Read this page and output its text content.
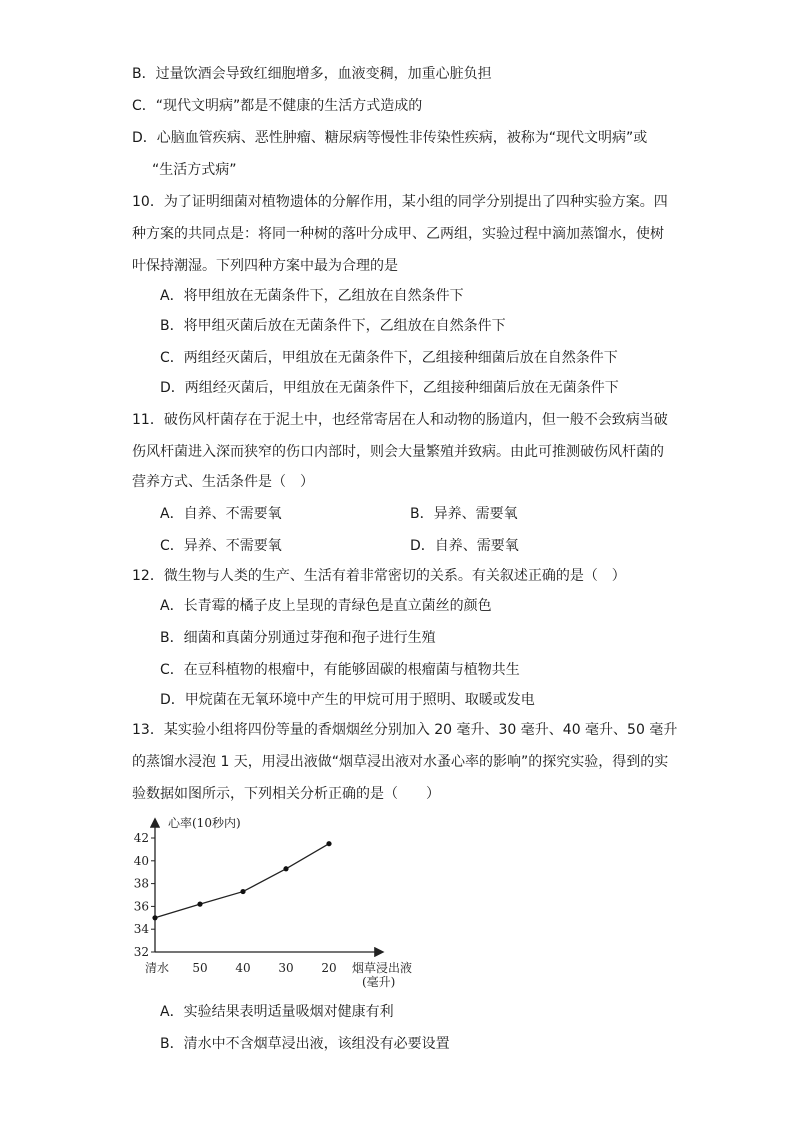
B．过量饮酒会导致红细胞增多，血液变稠，加重心脏负担
C．“现代文明病”都是不健康的生活方式造成的
D．心脑血管疾病、恶性肿瘤、糖尿病等慢性非传染性疾病，被称为“现代文明病”或
“生活方式病”
10．为了证明细菌对植物遗体的分解作用，某小组的同学分别提出了四种实验方案。四
种方案的共同点是：将同一种树的落叶分成甲、乙两组，实验过程中滴加蒸馏水，使树
叶保持潮湿。下列四种方案中最为合理的是
A．将甲组放在无菌条件下，乙组放在自然条件下
B．将甲组灭菌后放在无菌条件下，乙组放在自然条件下
C．两组经灭菌后，甲组放在无菌条件下，乙组接种细菌后放在自然条件下
D．两组经灭菌后，甲组放在无菌条件下，乙组接种细菌后放在无菌条件下
11．破伤风杆菌存在于泥土中，也经常寄居在人和动物的肠道内，但一般不会致病当破
伤风杆菌进入深而狭窄的伤口内部时，则会大量繁殖并致病。由此可推测破伤风杆菌的
营养方式、生活条件是（　）
A．自养、不需要氧	B．异养、需要氧
C．异养、不需要氧	D．自养、需要氧
12．微生物与人类的生产、生活有着非常密切的关系。有关叙述正确的是（　）
A．长青霉的橘子皮上呈现的青绿色是直立菌丝的颜色
B．细菌和真菌分别通过芽孢和孢子进行生殖
C．在豆科植物的根瘤中，有能够固碳的根瘤菌与植物共生
D．甲烷菌在无氧环境中产生的甲烷可用于照明、取暖或发电
13．某实验小组将四份等量的香烟烟丝分别加入 20 毫升、30 毫升、40 毫升、50 毫升
的蒸馏水浸泡 1 天，用浸出液做“烟草浸出液对水蚤心率的影响”的探究实验，得到的实
验数据如图所示，下列相关分析正确的是（　　）
心率(10秒内)
烟草浸出液
(毫升)
32
34
36
38
40
42
清水 50 40 30 20
A．实验结果表明适量吸烟对健康有利
B．清水中不含烟草浸出液，该组没有必要设置
